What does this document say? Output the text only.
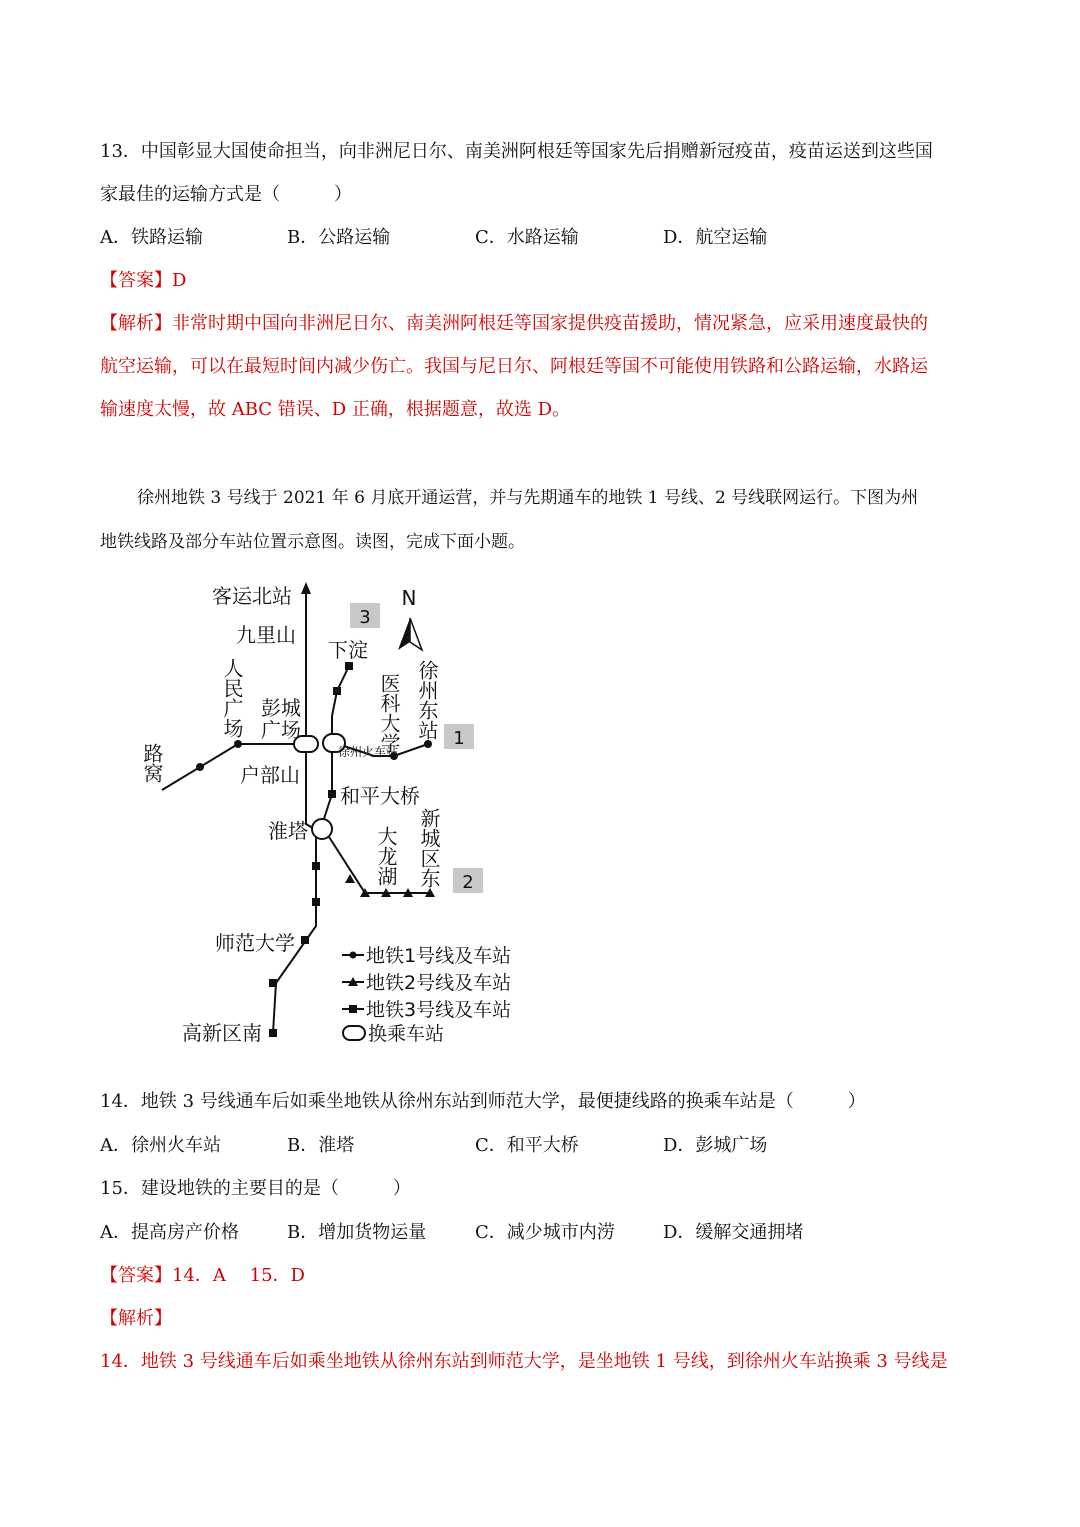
13．中国彰显大国使命担当，向非洲尼日尔、南美洲阿根廷等国家先后捐赠新冠疫苗，疫苗运送到这些国
家最佳的运输方式是（　　　）
A．铁路运输	B．公路运输	C．水路运输	D．航空运输
【答案】D
【解析】非常时期中国向非洲尼日尔、南美洲阿根廷等国家提供疫苗援助，情况紧急，应采用速度最快的
航空运输，可以在最短时间内减少伤亡。我国与尼日尔、阿根廷等国不可能使用铁路和公路运输，水路运
输速度太慢，故 ABC 错误、D 正确，根据题意，故选 D。
徐州地铁 3 号线于 2021 年 6 月底开通运营，并与先期通车的地铁 1 号线、2 号线联网运行。下图为州
地铁线路及部分车站位置示意图。读图，完成下面小题。
N
3
1
2
客运北站
九里山
下淀
户部山
和平大桥
淮塔
师范大学
高新区南
彭城 广场
徐州火车站
人民广场
路窝
医科大学 徐州东站
大龙湖 新城区东
地铁1号线及车站
地铁2号线及车站
地铁3号线及车站
换乘车站
14．地铁 3 号线通车后如乘坐地铁从徐州东站到师范大学，最便捷线路的换乘车站是（　　　）
A．徐州火车站	B．淮塔	C．和平大桥	D．彭城广场
15．建设地铁的主要目的是（　　　）
A．提高房产价格	B．增加货物运量	C．减少城市内涝	D．缓解交通拥堵
【答案】14．A　 15．D
【解析】
14．地铁 3 号线通车后如乘坐地铁从徐州东站到师范大学，是坐地铁 1 号线，到徐州火车站换乘 3 号线是
